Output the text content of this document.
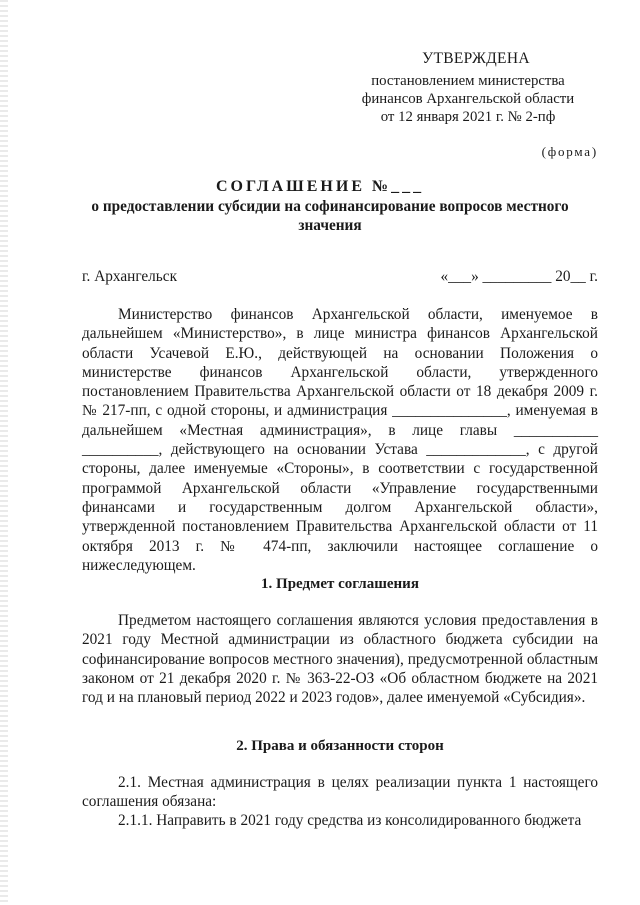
УТВЕРЖДЕНА
постановлением министерства
финансов Архангельской области
от 12 января 2021 г. № 2-пф
(форма)
СОГЛАШЕНИЕ №___
о предоставлении субсидии на софинансирование вопросов местного значения
г. Архангельск	«___» _________ 20__ г.
Министерство финансов Архангельской области, именуемое в дальнейшем «Министерство», в лице министра финансов Архангельской области Усачевой Е.Ю., действующей на основании Положения о министерстве финансов Архангельской области, утвержденного постановлением Правительства Архангельской области от 18 декабря 2009 г. № 217-пп, с одной стороны, и администрация _______________, именуемая в дальнейшем «Местная администрация», в лице главы ___________ __________, действующего на основании Устава _____________, с другой стороны, далее именуемые «Стороны», в соответствии с государственной программой Архангельской области «Управление государственными финансами и государственным долгом Архангельской области», утвержденной постановлением Правительства Архангельской области от 11 октября 2013 г. № 474-пп, заключили настоящее соглашение о нижеследующем.
1. Предмет соглашения
Предметом настоящего соглашения являются условия предоставления в 2021 году Местной администрации из областного бюджета субсидии на софинансирование вопросов местного значения), предусмотренной областным законом от 21 декабря 2020 г. № 363-22-ОЗ «Об областном бюджете на 2021 год и на плановый период 2022 и 2023 годов», далее именуемой «Субсидия».
2. Права и обязанности сторон
2.1. Местная администрация в целях реализации пункта 1 настоящего соглашения обязана:
2.1.1. Направить в 2021 году средства из консолидированного бюджета
